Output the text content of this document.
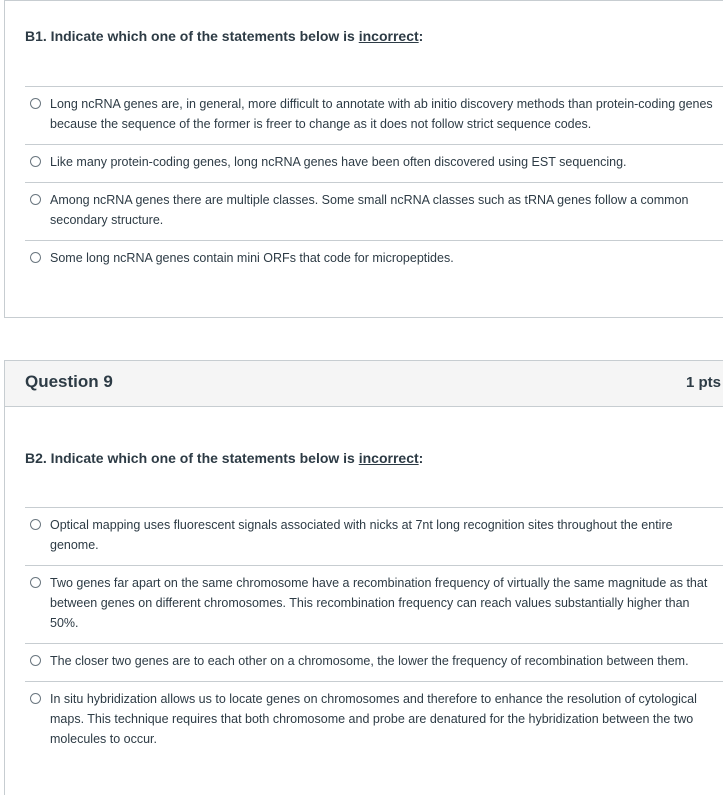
B1. Indicate which one of the statements below is incorrect:
Long ncRNA genes are, in general, more difficult to annotate with ab initio discovery methods than protein-coding genes because the sequence of the former is freer to change as it does not follow strict sequence codes.
Like many protein-coding genes, long ncRNA genes have been often discovered using EST sequencing.
Among ncRNA genes there are multiple classes. Some small ncRNA classes such as tRNA genes follow a common secondary structure.
Some long ncRNA genes contain mini ORFs that code for micropeptides.
Question 9	1 pts
B2. Indicate which one of the statements below is incorrect:
Optical mapping uses fluorescent signals associated with nicks at 7nt long recognition sites throughout the entire genome.
Two genes far apart on the same chromosome have a recombination frequency of virtually the same magnitude as that between genes on different chromosomes. This recombination frequency can reach values substantially higher than 50%.
The closer two genes are to each other on a chromosome, the lower the frequency of recombination between them.
In situ hybridization allows us to locate genes on chromosomes and therefore to enhance the resolution of cytological maps. This technique requires that both chromosome and probe are denatured for the hybridization between the two molecules to occur.
